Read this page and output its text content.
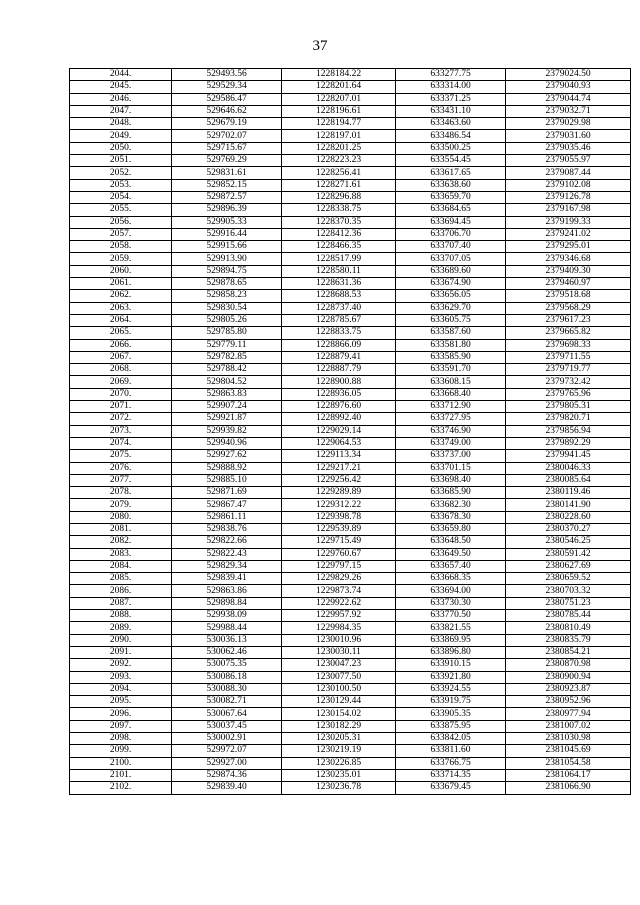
37
2044.	529493.56	1228184.22	633277.75	2379024.50
2045.	529529.34	1228201.64	633314.00	2379040.93
2046.	529586.47	1228207.01	633371.25	2379044.74
2047.	529646.62	1228196.61	633431.10	2379032.71
2048.	529679.19	1228194.77	633463.60	2379029.98
2049.	529702.07	1228197.01	633486.54	2379031.60
2050.	529715.67	1228201.25	633500.25	2379035.46
2051.	529769.29	1228223.23	633554.45	2379055.97
2052.	529831.61	1228256.41	633617.65	2379087.44
2053.	529852.15	1228271.61	633638.60	2379102.08
2054.	529872.57	1228296.88	633659.70	2379126.78
2055.	529896.39	1228338.75	633684.65	2379167.98
2056.	529905.33	1228370.35	633694.45	2379199.33
2057.	529916.44	1228412.36	633706.70	2379241.02
2058.	529915.66	1228466.35	633707.40	2379295.01
2059.	529913.90	1228517.99	633707.05	2379346.68
2060.	529894.75	1228580.11	633689.60	2379409.30
2061.	529878.65	1228631.36	633674.90	2379460.97
2062.	529858.23	1228688.53	633656.05	2379518.68
2063.	529830.54	1228737.40	633629.70	2379568.29
2064.	529805.26	1228785.67	633605.75	2379617.23
2065.	529785.80	1228833.75	633587.60	2379665.82
2066.	529779.11	1228866.09	633581.80	2379698.33
2067.	529782.85	1228879.41	633585.90	2379711.55
2068.	529788.42	1228887.79	633591.70	2379719.77
2069.	529804.52	1228900.88	633608.15	2379732.42
2070.	529863.83	1228936.05	633668.40	2379765.96
2071.	529907.24	1228976.60	633712.90	2379805.31
2072.	529921.87	1228992.40	633727.95	2379820.71
2073.	529939.82	1229029.14	633746.90	2379856.94
2074.	529940.96	1229064.53	633749.00	2379892.29
2075.	529927.62	1229113.34	633737.00	2379941.45
2076.	529888.92	1229217.21	633701.15	2380046.33
2077.	529885.10	1229256.42	633698.40	2380085.64
2078.	529871.69	1229289.89	633685.90	2380119.46
2079.	529867.47	1229312.22	633682.30	2380141.90
2080.	529861.11	1229398.78	633678.30	2380228.60
2081.	529838.76	1229539.89	633659.80	2380370.27
2082.	529822.66	1229715.49	633648.50	2380546.25
2083.	529822.43	1229760.67	633649.50	2380591.42
2084.	529829.34	1229797.15	633657.40	2380627.69
2085.	529839.41	1229829.26	633668.35	2380659.52
2086.	529863.86	1229873.74	633694.00	2380703.32
2087.	529898.84	1229922.62	633730.30	2380751.23
2088.	529938.09	1229957.92	633770.50	2380785.44
2089.	529988.44	1229984.35	633821.55	2380810.49
2090.	530036.13	1230010.96	633869.95	2380835.79
2091.	530062.46	1230030.11	633896.80	2380854.21
2092.	530075.35	1230047.23	633910.15	2380870.98
2093.	530086.18	1230077.50	633921.80	2380900.94
2094.	530088.30	1230100.50	633924.55	2380923.87
2095.	530082.71	1230129.44	633919.75	2380952.96
2096.	530067.64	1230154.02	633905.35	2380977.94
2097.	530037.45	1230182.29	633875.95	2381007.02
2098.	530002.91	1230205.31	633842.05	2381030.98
2099.	529972.07	1230219.19	633811.60	2381045.69
2100.	529927.00	1230226.85	633766.75	2381054.58
2101.	529874.36	1230235.01	633714.35	2381064.17
2102.	529839.40	1230236.78	633679.45	2381066.90
